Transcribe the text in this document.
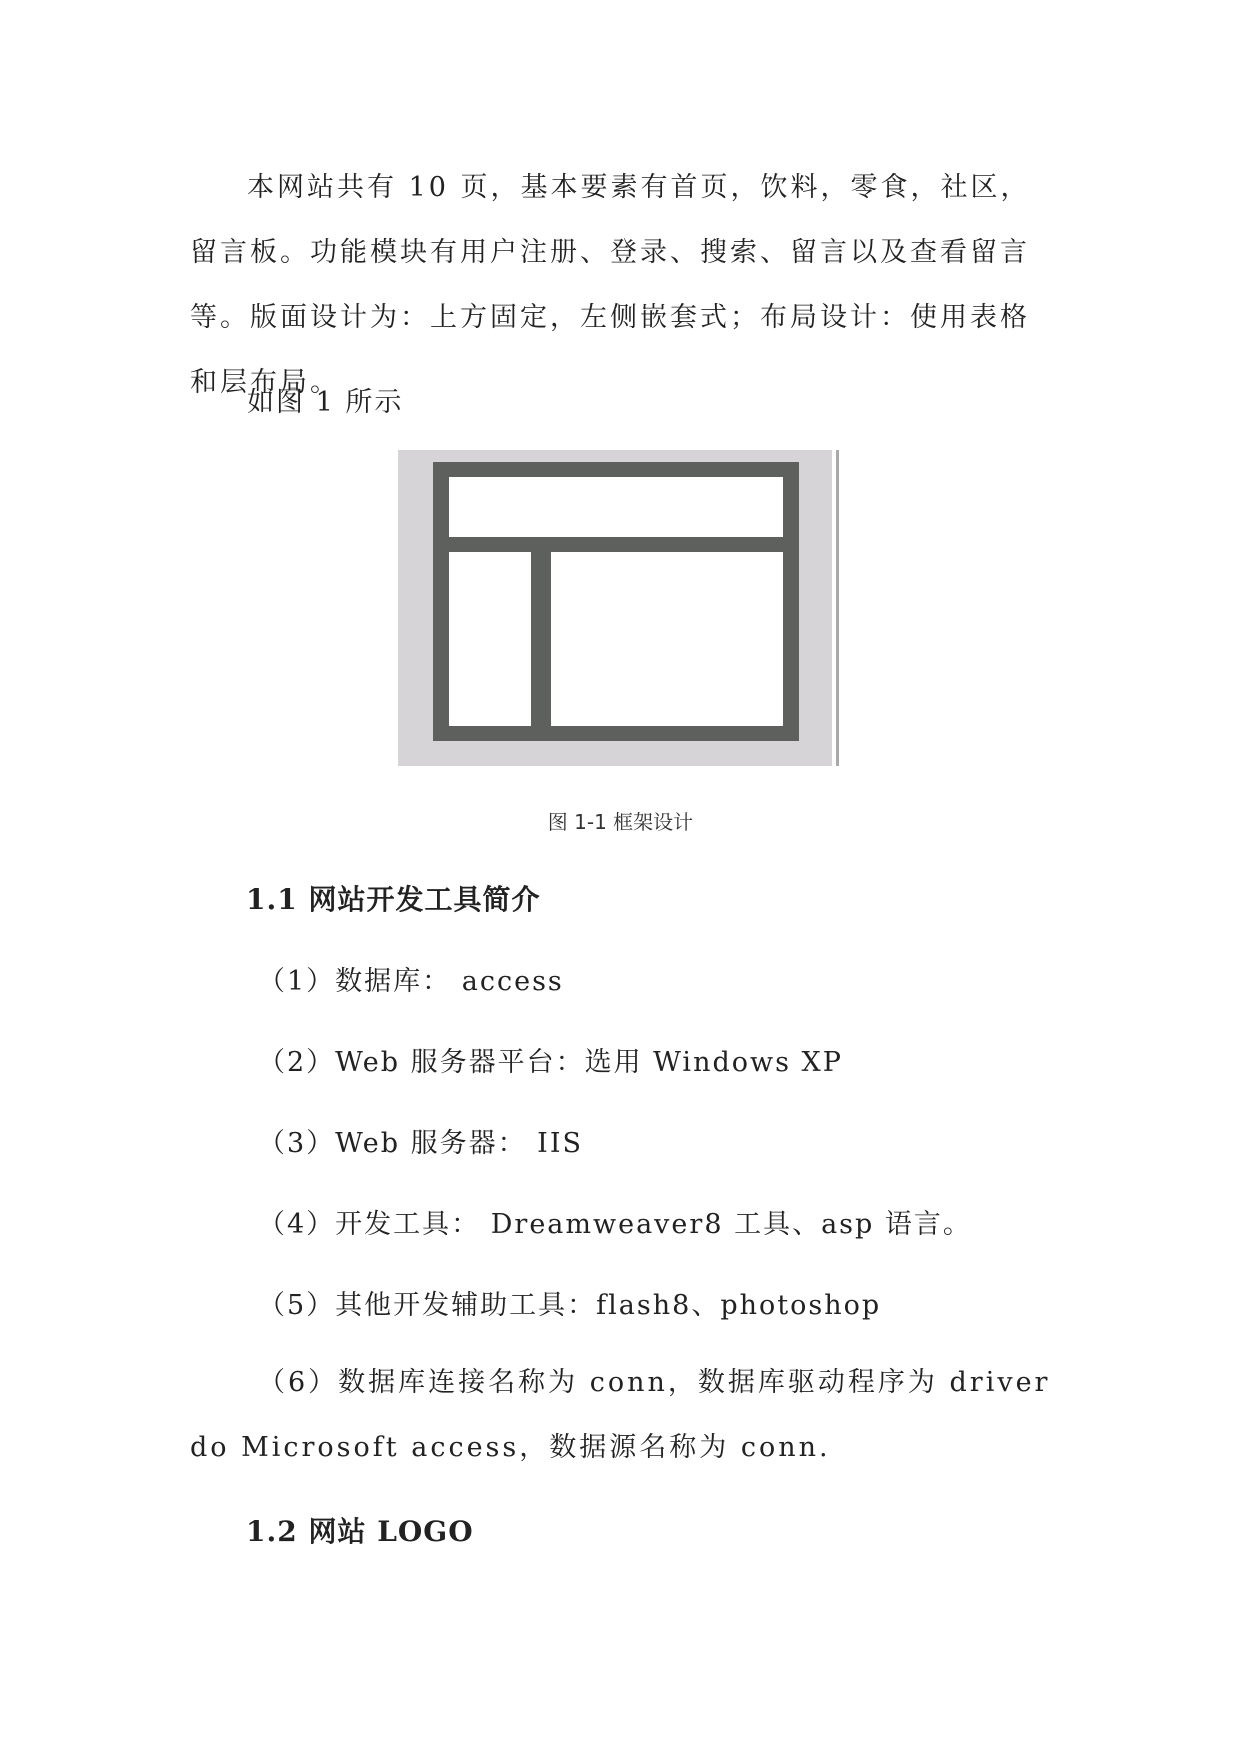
本网站共有 10 页，基本要素有首页，饮料，零食，社区，留言板。功能模块有用户注册、登录、搜索、留言以及查看留言等。版面设计为：上方固定，左侧嵌套式；布局设计：使用表格和层布局。

如图 1 所示

图 1-1 框架设计

1.1 网站开发工具简介

（1）数据库： access

（2）Web 服务器平台：选用 Windows XP

（3）Web 服务器： IIS

（4）开发工具： Dreamweaver8 工具、asp 语言。

（5）其他开发辅助工具：flash8、photoshop

（6）数据库连接名称为 conn，数据库驱动程序为 driver do Microsoft access，数据源名称为 conn.

1.2 网站 LOGO
